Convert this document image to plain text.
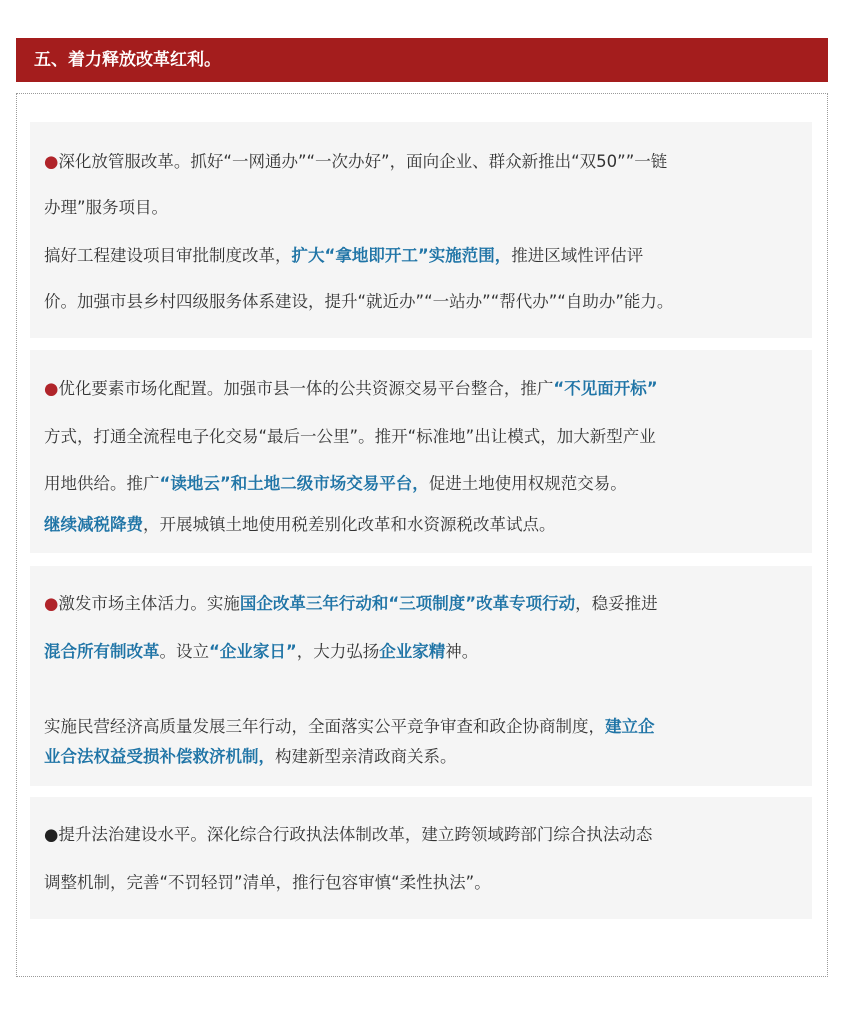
五、着力释放改革红利。
●深化放管服改革。抓好“一网通办”“一次办好”，面向企业、群众新推出“双50””一链
办理”服务项目。
搞好工程建设项目审批制度改革，扩大“拿地即开工”实施范围，推进区域性评估评
价。加强市县乡村四级服务体系建设，提升“就近办”“一站办”“帮代办”“自助办”能力。
●优化要素市场化配置。加强市县一体的公共资源交易平台整合，推广“不见面开标”
方式，打通全流程电子化交易“最后一公里”。推开“标准地”出让模式，加大新型产业
用地供给。推广“读地云”和土地二级市场交易平台，促进土地使用权规范交易。
继续减税降费，开展城镇土地使用税差别化改革和水资源税改革试点。
●激发市场主体活力。实施国企改革三年行动和“三项制度”改革专项行动，稳妥推进
混合所有制改革。设立“企业家日”，大力弘扬企业家精神。
实施民营经济高质量发展三年行动，全面落实公平竞争审查和政企协商制度，建立企
业合法权益受损补偿救济机制，构建新型亲清政商关系。
●提升法治建设水平。深化综合行政执法体制改革，建立跨领域跨部门综合执法动态
调整机制，完善“不罚轻罚”清单，推行包容审慎“柔性执法”。
